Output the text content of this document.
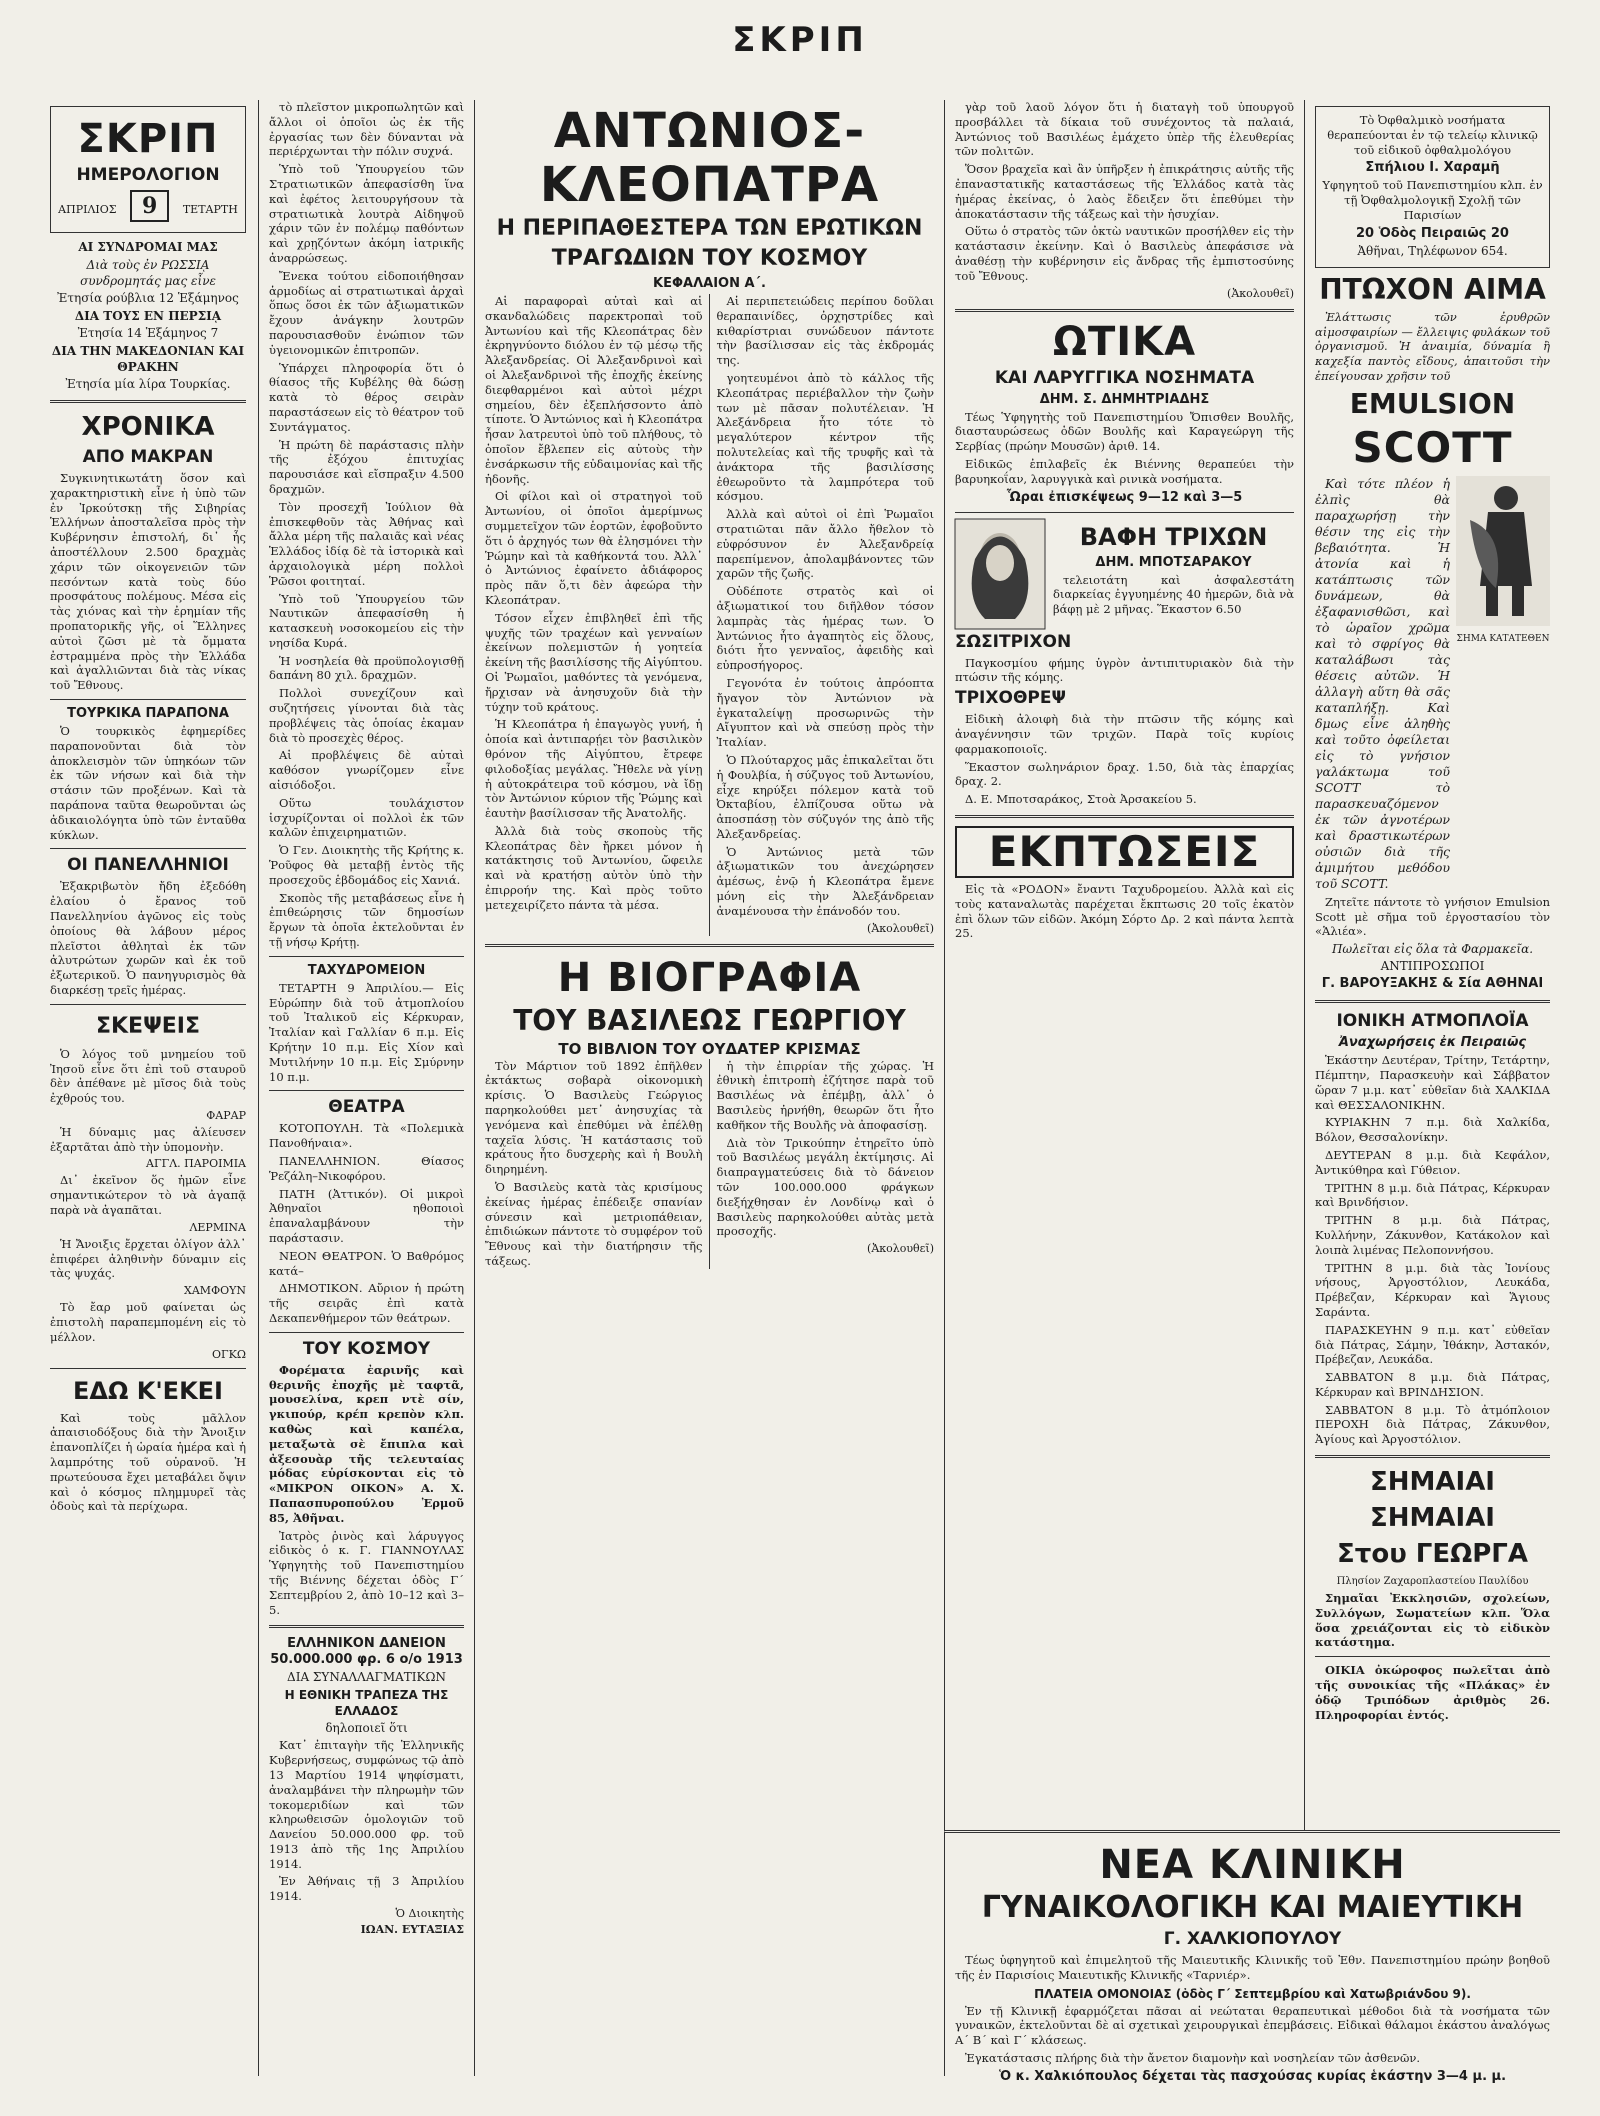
ΣΚΡΙΠ
ΣΚΡΙΠ
ΗΜΕΡΟΛΟΓΙΟΝ
ΑΠΡΙΛΙΟΣ 9 ΤΕΤΑΡΤΗ
ΑΙ ΣΥΝΔΡΟΜΑΙ ΜΑΣ
Διὰ τοὺς ἐν ΡΩΣΣΙᾼ συνδρομητάς μας εἶνε
Ἐτησία ρούβλια 12 Ἑξάμηνος
ΔΙΑ ΤΟΥΣ ΕΝ ΠΕΡΣΙᾼ
Ἐτησία 14 Ἑξάμηνος 7
ΔΙΑ ΤΗΝ ΜΑΚΕΔΟΝΙΑΝ ΚΑΙ ΘΡΑΚΗΝ
Ἐτησία μία λίρα Τουρκίας.
ΧΡΟΝΙΚΑ
ΑΠΟ ΜΑΚΡΑΝ

Συγκινητικωτάτη ὅσον καὶ χαρακτηριστικὴ εἶνε ἡ ὑπὸ τῶν ἐν Ἰρκούτσκῃ τῆς Σιβηρίας Ἑλλήνων ἀποσταλεῖσα πρὸς τὴν Κυβέρνησιν ἐπιστολή, δι᾽ ἧς ἀποστέλλουν 2.500 δραχμὰς χάριν τῶν οἰκογενειῶν τῶν πεσόντων κατὰ τοὺς δύο προσφάτους πολέμους. Μέσα εἰς τὰς χιόνας καὶ τὴν ἐρημίαν τῆς προπατορικῆς γῆς, οἱ Ἕλληνες αὐτοὶ ζῶσι μὲ τὰ ὄμματα ἐστραμμένα πρὸς τὴν Ἑλλάδα καὶ ἀγαλλιῶνται διὰ τὰς νίκας τοῦ Ἔθνους.

ΤΟΥΡΚΙΚΑ ΠΑΡΑΠΟΝΑ

Ὁ τουρκικὸς ἐφημερίδες παραπονοῦνται διὰ τὸν ἀποκλεισμὸν τῶν ὑπηκόων τῶν ἐκ τῶν νήσων καὶ διὰ τὴν στάσιν τῶν προξένων. Καὶ τὰ παράπονα ταῦτα θεωροῦνται ὡς ἀδικαιολόγητα ὑπὸ τῶν ἐνταῦθα κύκλων.

ΟΙ ΠΑΝΕΛΛΗΝΙΟΙ

Ἐξακριβωτὸν ἤδη ἐξεδόθη ἐλαίου ὁ ἔρανος τοῦ Πανελληνίου ἀγῶνος εἰς τοὺς ὁποίους θὰ λάβουν μέρος πλεῖστοι ἀθληταὶ ἐκ τῶν ἀλυτρώτων χωρῶν καὶ ἐκ τοῦ ἐξωτερικοῦ. Ὁ πανηγυρισμὸς θὰ διαρκέσῃ τρεῖς ἡμέρας.

ΣΚΕΨΕΙΣ

Ὁ λόγος τοῦ μνημείου τοῦ Ἰησοῦ εἶνε ὅτι ἐπὶ τοῦ σταυροῦ δὲν ἀπέθανε μὲ μῖσος διὰ τοὺς ἐχθρούς του.

ΦΑΡΑΡ

Ἡ δύναμις μας ἀλίευσεν ἐξαρτᾶται ἀπὸ τὴν ὑπομονὴν.

ΑΓΓΛ. ΠΑΡΟΙΜΙΑ

Δι᾽ ἐκεῖνον ὅς ἡμῶν εἶνε σημαντικώτερον τὸ νὰ ἀγαπᾷ παρὰ νὰ ἀγαπᾶται.

ΛΕΡΜΙΝΑ

Ἡ Ἄνοιξις ἔρχεται ὀλίγον ἀλλ᾽ ἐπιφέρει ἀληθινὴν δύναμιν εἰς τὰς ψυχάς.

ΧΑΜΦΟΥΝ

Τὸ ἔαρ μοῦ φαίνεται ὡς ἐπιστολὴ παραπεμπομένη εἰς τὸ μέλλον.

ΟΓΚΩ
ΕΔΩ Κ'ΕΚΕΙ

Καὶ τοὺς μᾶλλον ἀπαισιοδόξους διὰ τὴν Ἄνοιξιν ἐπανοπλίζει ἡ ὡραία ἡμέρα καὶ ἡ λαμπρότης τοῦ οὐρανοῦ. Ἡ πρωτεύουσα ἔχει μεταβάλει ὄψιν καὶ ὁ κόσμος πλημμυρεῖ τὰς ὁδοὺς καὶ τὰ περίχωρα.

τὸ πλεῖστον μικροπωλητῶν καὶ ἄλλοι οἱ ὁποῖοι ὡς ἐκ τῆς ἐργασίας των δὲν δύνανται νὰ περιέρχωνται τὴν πόλιν συχνά.

Ὑπὸ τοῦ Ὑπουργείου τῶν Στρατιωτικῶν ἀπεφασίσθη ἵνα καὶ ἐφέτος λειτουργήσουν τὰ στρατιωτικὰ λουτρὰ Αἰδηψοῦ χάριν τῶν ἐν πολέμῳ παθόντων καὶ χρῃζόντων ἀκόμη ἰατρικῆς ἀναρρώσεως.

Ἔνεκα τούτου εἰδοποιήθησαν ἁρμοδίως αἱ στρατιωτικαὶ ἀρχαὶ ὅπως ὅσοι ἐκ τῶν ἀξιωματικῶν ἔχουν ἀνάγκην λουτρῶν παρουσιασθοῦν ἐνώπιον τῶν ὑγειονομικῶν ἐπιτροπῶν.

Ὑπάρχει πληροφορία ὅτι ὁ θίασος τῆς Κυβέλης θὰ δώσῃ κατὰ τὸ θέρος σειρὰν παραστάσεων εἰς τὸ θέατρον τοῦ Συντάγματος.

Ἡ πρώτη δὲ παράστασις πλὴν τῆς ἐξόχου ἐπιτυχίας παρουσιάσε καὶ εἴσπραξιν 4.500 δραχμῶν.

Τὸν προσεχῆ Ἰούλιον θὰ ἐπισκεφθοῦν τὰς Ἀθήνας καὶ ἄλλα μέρη τῆς παλαιᾶς καὶ νέας Ἑλλάδος ἰδίᾳ δὲ τὰ ἱστορικὰ καὶ ἀρχαιολογικὰ μέρη πολλοὶ Ῥῶσοι φοιτηταί.

Ὑπὸ τοῦ Ὑπουργείου τῶν Ναυτικῶν ἀπεφασίσθη ἡ κατασκευὴ νοσοκομείου εἰς τὴν νησίδα Κυρά.

Ἡ νοσηλεία θὰ προϋπολογισθῇ δαπάνη 80 χιλ. δραχμῶν.

Πολλοὶ συνεχίζουν καὶ συζητήσεις γίνονται διὰ τὰς προβλέψεις τὰς ὁποίας ἐκαμαν διὰ τὸ προσεχὲς θέρος.

Αἱ προβλέψεις δὲ αὐταὶ καθόσον γνωρίζομεν εἶνε αἰσιόδοξοι.

Οὕτω τουλάχιστον ἰσχυρίζονται οἱ πολλοὶ ἐκ τῶν καλῶν ἐπιχειρηματιῶν.

Ὁ Γεν. Διοικητὴς τῆς Κρήτης κ. Ῥοῦφος θὰ μεταβῇ ἐντὸς τῆς προσεχοῦς ἑβδομάδος εἰς Χανιά.

Σκοπὸς τῆς μεταβάσεως εἶνε ἡ ἐπιθεώρησις τῶν δημοσίων ἔργων τὰ ὁποῖα ἐκτελοῦνται ἐν τῇ νήσῳ Κρήτῃ.

ΤΑΧΥΔΡΟΜΕΙΟΝ

ΤΕΤΑΡΤΗ 9 Ἀπριλίου.— Εἰς Εὐρώπην διὰ τοῦ ἀτμοπλοίου τοῦ Ἰταλικοῦ εἰς Κέρκυραν, Ἰταλίαν καὶ Γαλλίαν 6 π.μ. Εἰς Κρήτην 10 π.μ. Εἰς Χίον καὶ Μυτιλήνην 10 π.μ. Εἰς Σμύρνην 10 π.μ.

ΘΕΑΤΡΑ

ΚΟΤΟΠΟΥΛΗ. Τὰ «Πολεμικὰ Πανοθήναια».

ΠΑΝΕΛΛΗΝΙΟΝ. Θίασος Ῥεζάλη–Νικοφόρου.

ΠΑΤΗ (Ἀττικόν). Οἱ μικροὶ Ἀθηναῖοι ηθοποιοὶ ἐπαναλαμβάνουν τὴν παράστασιν.

ΝΕΟΝ ΘΕΑΤΡΟΝ. Ὁ Βαθρόμος κατά–

ΔΗΜΟΤΙΚΟΝ. Αὔριον ἡ πρώτη τῆς σειρᾶς ἐπὶ κατὰ Δεκαπενθήμερον τῶν θεάτρων.

ΤΟΥ ΚΟΣΜΟΥ

Φορέματα ἐαρινῆς καὶ θερινῆς ἐποχῆς μὲ ταφτᾶ, μουσελίνα, κρεπ ντὲ σίν, γκιπούρ, κρέπ κρεπὸν κλπ. καθὼς καὶ καπέλα, μεταξωτὰ σὲ ἔπιπλα καὶ ἀξεσουὰρ τῆς τελευταίας μόδας εὑρίσκονται εἰς τὸ «ΜΙΚΡΟΝ ΟΙΚΟΝ» Α. Χ. Παπασπυροπούλου Ἐρμοῦ 85, Ἀθῆναι.

Ἰατρὸς ῥινὸς καὶ λάρυγγος εἰδικὸς ὁ κ. Γ. ΓΙΑΝΝΟΥΛΑΣ Ὑφηγητὴς τοῦ Πανεπιστημίου τῆς Βιέννης δέχεται ὁδὸς Γ´ Σεπτεμβρίου 2, ἀπὸ 10–12 καὶ 3–5.

ΕΛΛΗΝΙΚΟΝ ΔΑΝΕΙΟΝ 50.000.000 φρ. 6 ο/ο 1913
ΔΙΑ ΣΥΝΑΛΛΑΓΜΑΤΙΚΩΝ
Η ΕΘΝΙΚΗ ΤΡΑΠΕΖΑ ΤΗΣ ΕΛΛΑΔΟΣ
δηλοποιεῖ ὅτι

Κατ᾽ ἐπιταγὴν τῆς Ἑλληνικῆς Κυβερνήσεως, συμφώνως τῷ ἀπὸ 13 Μαρτίου 1914 ψηφίσματι, ἀναλαμβάνει τὴν πληρωμὴν τῶν τοκομεριδίων καὶ τῶν κληρωθεισῶν ὁμολογιῶν τοῦ Δανείου 50.000.000 φρ. τοῦ 1913 ἀπὸ τῆς 1ης Ἀπριλίου 1914.

Ἐν Ἀθήναις τῇ 3 Ἀπριλίου 1914.

Ὁ Διοικητὴς
ΙΩΑΝ. ΕΥΤΑΞΙΑΣ
ΑΝΤΩΝΙΟΣ-ΚΛΕΟΠΑΤΡΑ
Η ΠΕΡΙΠΑΘΕΣΤΕΡΑ ΤΩΝ ΕΡΩΤΙΚΩΝ
ΤΡΑΓΩΔΙΩΝ ΤΟΥ ΚΟΣΜΟΥ
ΚΕΦΑΛΑΙΟΝ Α´.

Αἱ παραφοραὶ αὐταὶ καὶ αἱ σκανδαλώδεις παρεκτροπαὶ τοῦ Ἀντωνίου καὶ τῆς Κλεοπάτρας δὲν ἐκρηγνύοντο διόλου ἐν τῷ μέσῳ τῆς Ἀλεξανδρείας. Οἱ Ἀλεξανδρινοὶ καὶ οἱ Ἀλεξανδρινοὶ τῆς ἐποχῆς ἐκείνης διεφθαρμένοι καὶ αὐτοὶ μέχρι σημείου, δὲν ἐξεπλήσσοντο ἀπὸ τίποτε. Ὁ Ἀντώνιος καὶ ἡ Κλεοπάτρα ἦσαν λατρευτοὶ ὑπὸ τοῦ πλήθους, τὸ ὁποῖον ἔβλεπεν εἰς αὐτοὺς τὴν ἐνσάρκωσιν τῆς εὐδαιμονίας καὶ τῆς ἡδονῆς.

Οἱ φίλοι καὶ οἱ στρατηγοὶ τοῦ Ἀντωνίου, οἱ ὁποῖοι ἀμερίμνως συμμετεῖχον τῶν ἑορτῶν, ἐφοβοῦντο ὅτι ὁ ἀρχηγός των θὰ ἐλησμόνει τὴν Ῥώμην καὶ τὰ καθήκοντά του. Ἀλλ᾽ ὁ Ἀντώνιος ἐφαίνετο ἀδιάφορος πρὸς πᾶν ὅ,τι δὲν ἀφεώρα τὴν Κλεοπάτραν.

Τόσον εἶχεν ἐπιβληθεῖ ἐπὶ τῆς ψυχῆς τῶν τραχέων καὶ γενναίων ἐκείνων πολεμιστῶν ἡ γοητεία ἐκείνη τῆς βασιλίσσης τῆς Αἰγύπτου. Οἱ Ῥωμαῖοι, μαθόντες τὰ γενόμενα, ἤρχισαν νὰ ἀνησυχοῦν διὰ τὴν τύχην τοῦ κράτους.

Ἡ Κλεοπάτρα ἡ ἐπαγωγὸς γυνή, ἡ ὁποία καὶ ἀντιπαρῄει τὸν βασιλικὸν θρόνον τῆς Αἰγύπτου, ἔτρεφε φιλοδοξίας μεγάλας. Ἤθελε νὰ γίνῃ ἡ αὐτοκράτειρα τοῦ κόσμου, νὰ ἴδῃ τὸν Ἀντώνιον κύριον τῆς Ῥώμης καὶ ἑαυτὴν βασίλισσαν τῆς Ἀνατολῆς.

Ἀλλὰ διὰ τοὺς σκοποὺς τῆς Κλεοπάτρας δὲν ἤρκει μόνον ἡ κατάκτησις τοῦ Ἀντωνίου, ὤφειλε καὶ νὰ κρατήσῃ αὐτὸν ὑπὸ τὴν ἐπιρροήν της. Καὶ πρὸς τοῦτο μετεχειρίζετο πάντα τὰ μέσα.

Αἱ περιπετειώδεις περίπου δοῦλαι θεραπαινίδες, ὀρχηστρίδες καὶ κιθαρίστριαι συνώδευον πάντοτε τὴν βασίλισσαν εἰς τὰς ἐκδρομάς της.

γοητευμένοι ἀπὸ τὸ κάλλος τῆς Κλεοπάτρας περιέβαλλον τὴν ζωὴν των μὲ πᾶσαν πολυτέλειαν. Ἡ Ἀλεξάνδρεια ἦτο τότε τὸ μεγαλύτερον κέντρον τῆς πολυτελείας καὶ τῆς τρυφῆς καὶ τὰ ἀνάκτορα τῆς βασιλίσσης ἐθεωροῦντο τὰ λαμπρότερα τοῦ κόσμου.

Ἀλλὰ καὶ αὐτοὶ οἱ ἐπὶ Ῥωμαῖοι στρατιῶται πᾶν ἄλλο ἤθελον τὸ εὐφρόσυνον ἐν Ἀλεξανδρείᾳ παρεπίμενον, ἀπολαμβάνοντες τῶν χαρῶν τῆς ζωῆς.

Οὐδέποτε στρατὸς καὶ οἱ ἀξιωματικοί του διῆλθον τόσον λαμπρὰς τὰς ἡμέρας των. Ὁ Ἀντώνιος ἦτο ἀγαπητὸς εἰς ὅλους, διότι ἦτο γενναῖος, ἀφειδὴς καὶ εὐπροσήγορος.

Γεγονότα ἐν τούτοις ἀπρόοπτα ἤγαγον τὸν Ἀντώνιον νὰ ἐγκαταλείψῃ προσωρινῶς τὴν Αἴγυπτον καὶ νὰ σπεύσῃ πρὸς τὴν Ἰταλίαν.

Ὁ Πλούταρχος μᾶς ἐπικαλεῖται ὅτι ἡ Φουλβία, ἡ σύζυγος τοῦ Ἀντωνίου, εἶχε κηρύξει πόλεμον κατὰ τοῦ Ὀκταβίου, ἐλπίζουσα οὕτω νὰ ἀποσπάσῃ τὸν σύζυγόν της ἀπὸ τῆς Ἀλεξανδρείας.

Ὁ Ἀντώνιος μετὰ τῶν ἀξιωματικῶν του ἀνεχώρησεν ἀμέσως, ἐνῷ ἡ Κλεοπάτρα ἔμενε μόνη εἰς τὴν Ἀλεξάνδρειαν ἀναμένουσα τὴν ἐπάνοδόν του.

(Ἀκολουθεῖ)
Η ΒΙΟΓΡΑΦΙΑ
ΤΟΥ ΒΑΣΙΛΕΩΣ ΓΕΩΡΓΙΟΥ
ΤΟ ΒΙΒΛΙΟΝ ΤΟΥ ΟΥΔΑΤΕΡ ΚΡΙΣΜΑΣ

Τὸν Μάρτιον τοῦ 1892 ἐπῆλθεν ἐκτάκτως σοβαρὰ οἰκονομικὴ κρίσις. Ὁ Βασιλεὺς Γεώργιος παρηκολούθει μετ᾽ ἀνησυχίας τὰ γενόμενα καὶ ἐπεθύμει νὰ ἐπέλθῃ ταχεῖα λύσις. Ἡ κατάστασις τοῦ κράτους ἦτο δυσχερὴς καὶ ἡ Βουλὴ διηρημένη.

Ὁ Βασιλεὺς κατὰ τὰς κρισίμους ἐκείνας ἡμέρας ἐπέδειξε σπανίαν σύνεσιν καὶ μετριοπάθειαν, ἐπιδιώκων πάντοτε τὸ συμφέρον τοῦ Ἔθνους καὶ τὴν διατήρησιν τῆς τάξεως.

ἡ τὴν ἐπιρρίαν τῆς χώρας. Ἡ ἐθνικὴ ἐπιτροπὴ ἐζήτησε παρὰ τοῦ Βασιλέως νὰ ἐπέμβῃ, ἀλλ᾽ ὁ Βασιλεὺς ἠρνήθη, θεωρῶν ὅτι ἦτο καθῆκον τῆς Βουλῆς νὰ ἀποφασίσῃ.

Διὰ τὸν Τρικούπην ἐτηρεῖτο ὑπὸ τοῦ Βασιλέως μεγάλη ἐκτίμησις. Αἱ διαπραγματεύσεις διὰ τὸ δάνειον τῶν 100.000.000 φράγκων διεξήχθησαν ἐν Λονδίνῳ καὶ ὁ Βασιλεὺς παρηκολούθει αὐτὰς μετὰ προσοχῆς.

(Ἀκολουθεῖ)

γὰρ τοῦ λαοῦ λόγον ὅτι ἡ διαταγὴ τοῦ ὑπουργοῦ προσβάλλει τὰ δίκαια τοῦ συνέχοντος τὰ παλαιά, Ἀντώνιος τοῦ Βασιλέως ἐμάχετο ὑπὲρ τῆς ἐλευθερίας τῶν πολιτῶν.

Ὅσον βραχεῖα καὶ ἂν ὑπῆρξεν ἡ ἐπικράτησις αὐτῆς τῆς ἐπαναστατικῆς καταστάσεως τῆς Ἑλλάδος κατὰ τὰς ἡμέρας ἐκείνας, ὁ λαὸς ἔδειξεν ὅτι ἐπεθύμει τὴν ἀποκατάστασιν τῆς τάξεως καὶ τὴν ἡσυχίαν.

Οὕτω ὁ στρατὸς τῶν ὀκτὼ ναυτικῶν προσήλθεν εἰς τὴν κατάστασιν ἐκείνην. Καὶ ὁ Βασιλεὺς ἀπεφάσισε νὰ ἀναθέσῃ τὴν κυβέρνησιν εἰς ἄνδρας τῆς ἐμπιστοσύνης τοῦ Ἔθνους.

(Ἀκολουθεῖ)
ΩΤΙΚΑ
ΚΑΙ ΛΑΡΥΓΓΙΚΑ ΝΟΣΗΜΑΤΑ
ΔΗΜ. Σ. ΔΗΜΗΤΡΙΑΔΗΣ

Τέως Ὑφηγητὴς τοῦ Πανεπιστημίου Ὄπισθεν Βουλῆς, διασταυρώσεως ὁδῶν Βουλῆς καὶ Καραγεώργη τῆς Σερβίας (πρώην Μουσῶν) ἀριθ. 14.

Εἰδικῶς ἐπιλαβεῖς ἐκ Βιέννης θεραπεύει τὴν βαρυηκοΐαν, λαρυγγικὰ καὶ ρινικὰ νοσήματα.

Ὧραι ἐπισκέψεως 9—12 καὶ 3—5
ΒΑΦΗ ΤΡΙΧΩΝ
ΔΗΜ. ΜΠΟΤΣΑΡΑΚΟΥ

τελειοτάτη καὶ ἀσφαλεστάτη διαρκείας ἐγγυημένης 40 ἡμερῶν, διὰ νὰ βάφῃ μὲ 2 μῆνας. Ἕκαστον 6.50

ΣΩΣΙΤΡΙΧΟΝ

Παγκοσμίου φήμης ὑγρὸν ἀντιπιτυριακὸν διὰ τὴν πτώσιν τῆς κόμης.

ΤΡΙΧΟΘΡΕΨ

Εἰδικὴ ἀλοιφὴ διὰ τὴν πτῶσιν τῆς κόμης καὶ ἀναγέννησιν τῶν τριχῶν. Παρὰ τοῖς κυρίοις φαρμακοποιοῖς.

Ἕκαστον σωληνάριον δραχ. 1.50, διὰ τὰς ἐπαρχίας δραχ. 2.

Δ. Ε. Μποτσαράκος, Στοὰ Ἀρσακείου 5.

ΕΚΠΤΩΣΕΙΣ

Εἰς τὰ «ΡΟΔΟΝ» ἔναντι Ταχυδρομείου. Ἀλλὰ καὶ εἰς τοὺς καταναλωτὰς παρέχεται ἔκπτωσις 20 τοῖς ἑκατὸν ἐπὶ ὅλων τῶν εἰδῶν. Ἀκόμη Σόρτο Δρ. 2 καὶ πάντα λεπτὰ 25.

Τὸ Ὀφθαλμικὸ νοσήματα θεραπεύονται ἐν τῷ τελείῳ κλινικῷ τοῦ εἰδικοῦ ὀφθαλμολόγου

Σπήλιου Ι. Χαραμῆ

Υφηγητοῦ τοῦ Πανεπιστημίου κλπ. ἐν τῇ Ὀφθαλμολογικῇ Σχολῇ τῶν Παρισίων

20 Ὁδὸς Πειραιῶς 20
Ἀθῆναι, Τηλέφωνον 654.
ΠΤΩΧΟΝ ΑΙΜΑ

Ἐλάττωσις τῶν ἐρυθρῶν αἱμοσφαιρίων — ἔλλειψις φυλάκων τοῦ ὀργανισμοῦ. Ἡ ἀναιμία, δύναμία ἢ καχεξία παντὸς εἴδους, ἀπαιτοῦσι τὴν ἐπείγουσαν χρῆσιν τοῦ

EMULSION
SCOTT

Καὶ τότε πλέον ἡ ἐλπὶς θὰ παραχωρήσῃ τὴν θέσιν της εἰς τὴν βεβαιότητα. Ἡ ἀτονία καὶ ἡ κατάπτωσις τῶν δυνάμεων, θὰ ἐξαφανισθῶσι, καὶ τὸ ὡραῖον χρῶμα καὶ τὸ σφρίγος θὰ καταλάβωσι τὰς θέσεις αὐτῶν. Ἡ ἀλλαγὴ αὕτη θὰ σᾶς καταπλήξῃ. Καὶ δμως εἶνε ἀληθὴς καὶ τοῦτο ὀφείλεται εἰς τὸ γνήσιον γαλάκτωμα τοῦ SCOTT τὸ παρασκευαζόμενον ἐκ τῶν ἀγνοτέρων καὶ δραστικωτέρων οὐσιῶν διὰ τῆς ἀμιμήτου μεθόδου τοῦ SCOTT.

ΣΗΜΑ ΚΑΤΑΤΕΘΕΝ

Ζητεῖτε πάντοτε τὸ γνήσιον Emulsion Scott μὲ σῆμα τοῦ ἐργοστασίου τὸν «Ἁλιέα».

Πωλεῖται εἰς ὅλα τὰ Φαρμακεῖα.
ΑΝΤΙΠΡΟΣΩΠΟΙ
Γ. ΒΑΡΟΥΞΑΚΗΣ & Σία ΑΘΗΝΑΙ
ΙΟΝΙΚΗ ΑΤΜΟΠΛΟΪΑ
Ἀναχωρήσεις ἐκ Πειραιῶς

Ἑκάστην Δευτέραν, Τρίτην, Τετάρτην, Πέμπτην, Παρασκευὴν καὶ Σάββατον ὥραν 7 μ.μ. κατ᾽ εὐθεῖαν διὰ ΧΑΛΚΙΔΑ καὶ ΘΕΣΣΑΛΟΝΙΚΗΝ.

ΚΥΡΙΑΚΗΝ 7 π.μ. διὰ Χαλκίδα, Βόλον, Θεσσαλονίκην.

ΔΕΥΤΕΡΑΝ 8 μ.μ. διὰ Κεφάλον, Ἀντικύθηρα καὶ Γύθειον.

ΤΡΙΤΗΝ 8 μ.μ. διὰ Πάτρας, Κέρκυραν καὶ Βρινδήσιον.

ΤΡΙΤΗΝ 8 μ.μ. διὰ Πάτρας, Κυλλήνην, Ζάκυνθον, Κατάκολον καὶ λοιπὰ λιμένας Πελοποννήσου.

ΤΡΙΤΗΝ 8 μ.μ. διὰ τὰς Ἰονίους νήσους, Ἀργοστόλιον, Λευκάδα, Πρέβεζαν, Κέρκυραν καὶ Ἅγιους Σαράντα.

ΠΑΡΑΣΚΕΥΗΝ 9 π.μ. κατ᾽ εὐθεῖαν διὰ Πάτρας, Σάμην, Ἰθάκην, Ἀστακόν, Πρέβεζαν, Λευκάδα.

ΣΑΒΒΑΤΟΝ 8 μ.μ. διὰ Πάτρας, Κέρκυραν καὶ ΒΡΙΝΔΗΣΙΟΝ.

ΣΑΒΒΑΤΟΝ 8 μ.μ. Τὸ ἀτμόπλοιον ΠΕΡΟΧΗ διὰ Πάτρας, Ζάκυνθον, Ἀγίους καὶ Ἀργοστόλιον.

ΣΗΜΑΙΑΙ
ΣΗΜΑΙΑΙ
Στου ΓΕΩΡΓΑ
Πλησίον Ζαχαροπλαστείου Παυλίδου

Σημαῖαι Ἐκκλησιῶν, σχολείων, Συλλόγων, Σωματείων κλπ. Ὅλα ὅσα χρειάζονται εἰς τὸ εἰδικὸν κατάστημα.

ΟΙΚΙΑ ὀκώροφος πωλεῖται ἀπὸ τῆς συνοικίας τῆς «Πλάκας» ἐν ὁδῷ Τριπόδων ἀριθμὸς 26. Πληροφορίαι ἐντός.

ΝΕΑ ΚΛΙΝΙΚΗ
ΓΥΝΑΙΚΟΛΟΓΙΚΗ ΚΑΙ ΜΑΙΕΥΤΙΚΗ
Γ. ΧΑΛΚΙΟΠΟΥΛΟΥ

Τέως ὑφηγητοῦ καὶ ἐπιμελητοῦ τῆς Μαιευτικῆς Κλινικῆς τοῦ Ἐθν. Πανεπιστημίου πρώην βοηθοῦ τῆς ἐν Παρισίοις Μαιευτικῆς Κλινικῆς «Ταρνιέρ».

ΠΛΑΤΕΙΑ ΟΜΟΝΟΙΑΣ (ὁδὸς Γ΄ Σεπτεμβρίου καὶ Χατωβριάνδου 9).

Ἐν τῇ Κλινικῇ ἐφαρμόζεται πᾶσαι αἱ νεώταται θεραπευτικαὶ μέθοδοι διὰ τὰ νοσήματα τῶν γυναικῶν, ἐκτελοῦνται δὲ αἱ σχετικαὶ χειρουργικαὶ ἐπεμβάσεις. Εἰδικαὶ θάλαμοι ἑκάστου ἀναλόγως Α΄ Β΄ καὶ Γ΄ κλάσεως.

Ἐγκατάστασις πλήρης διὰ τὴν ἄνετον διαμονὴν καὶ νοσηλείαν τῶν ἀσθενῶν.

Ὁ κ. Χαλκιόπουλος δέχεται τὰς πασχούσας κυρίας ἑκάστην 3—4 μ. μ.
